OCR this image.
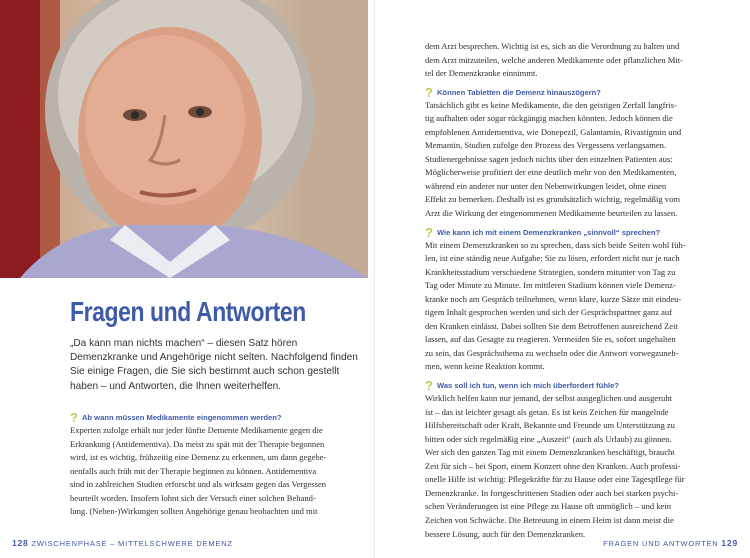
Fragen und Antworten

„Da kann man nichts machen“ – diesen Satz hören Demenzkranke und Angehörige nicht selten. Nachfolgend finden Sie einige Fragen, die Sie sich bestimmt auch schon gestellt haben – und Antworten, die Ihnen weiterhelfen.

? Ab wann müssen Medikamente eingenommen werden?
Experten zufolge erhält nur jeder fünfte Demente Medikamente gegen die
Erkrankung (Antidementiva). Da meist zu spät mit der Therapie begonnen
wird, ist es wichtig, frühzeitig eine Demenz zu erkennen, um dann gegebe-
nenfalls auch früh mit der Therapie beginnen zu können. Antidementiva
sind in zahlreichen Studien erforscht und als wirksam gegen das Vergessen
beurteilt worden. Insofern lohnt sich der Versuch einer solchen Behand-
lung. (Neben-)Wirkungen sollten Angehörige genau beobachten und mit
128 ZWISCHENPHASE – MITTELSCHWERE DEMENZ
dem Arzt besprechen. Wichtig ist es, sich an die Verordnung zu halten und
dem Arzt mitzuteilen, welche anderen Medikamente oder pflanzlichen Mit-
tel der Demenzkranke einnimmt.
? Können Tabletten die Demenz hinauszögern?
Tatsächlich gibt es keine Medikamente, die den geistigen Zerfall langfris-
tig aufhalten oder sogar rückgängig machen könnten. Jedoch können die
empfohlenen Antidementiva, wie Donepezil, Galantamin, Rivastigmin und
Memantin, Studien zufolge den Prozess des Vergessens verlangsamen.
Studienergebnisse sagen jedoch nichts über den einzelnen Patienten aus:
Möglicherweise profitiert der eine deutlich mehr von den Medikamenten,
während ein anderer nur unter den Nebenwirkungen leidet, ohne einen
Effekt zu bemerken. Deshalb ist es grundsätzlich wichtig, regelmäßig vom
Arzt die Wirkung der eingenommenen Medikamente beurteilen zu lassen.
? Wie kann ich mit einem Demenzkranken „sinnvoll“ sprechen?
Mit einem Demenzkranken so zu sprechen, dass sich beide Seiten wohl füh-
len, ist eine ständig neue Aufgabe: Sie zu lösen, erfordert nicht nur je nach
Krankheitsstadium verschiedene Strategien, sondern mitunter von Tag zu
Tag oder Minute zu Minute. Im mittleren Stadium können viele Demenz-
kranke noch am Gespräch teilnehmen, wenn klare, kurze Sätze mit eindeu-
tigem Inhalt gesprochen werden und sich der Gesprächspartner ganz auf
den Kranken einlässt. Dabei sollten Sie dem Betroffenen ausreichend Zeit
lassen, auf das Gesagte zu reagieren. Vermeiden Sie es, sofort ungehalten
zu sein, das Gesprächsthema zu wechseln oder die Antwort vorwegzuneh-
men, wenn keine Reaktion kommt.
? Was soll ich tun, wenn ich mich überfordert fühle?
Wirklich helfen kann nur jemand, der selbst ausgeglichen und ausgeruht
ist – das ist leichter gesagt als getan. Es ist kein Zeichen für mangelnde
Hilfsbereitschaft oder Kraft, Bekannte und Freunde um Unterstützung zu
bitten oder sich regelmäßig eine „Auszeit“ (auch als Urlaub) zu gönnen.
Wer sich den ganzen Tag mit einem Demenzkranken beschäftigt, braucht
Zeit für sich – bei Sport, einem Konzert ohne den Kranken. Auch professi-
onelle Hilfe ist wichtig: Pflegekräfte für zu Hause oder eine Tagespflege für
Demenzkranke. In fortgeschrittenen Stadien oder auch bei starken psychi-
schen Veränderungen ist eine Pflege zu Hause oft unmöglich – und kein
Zeichen von Schwäche. Die Betreuung in einem Heim ist dann meist die
bessere Lösung, auch für den Demenzkranken.
FRAGEN UND ANTWORTEN 129
